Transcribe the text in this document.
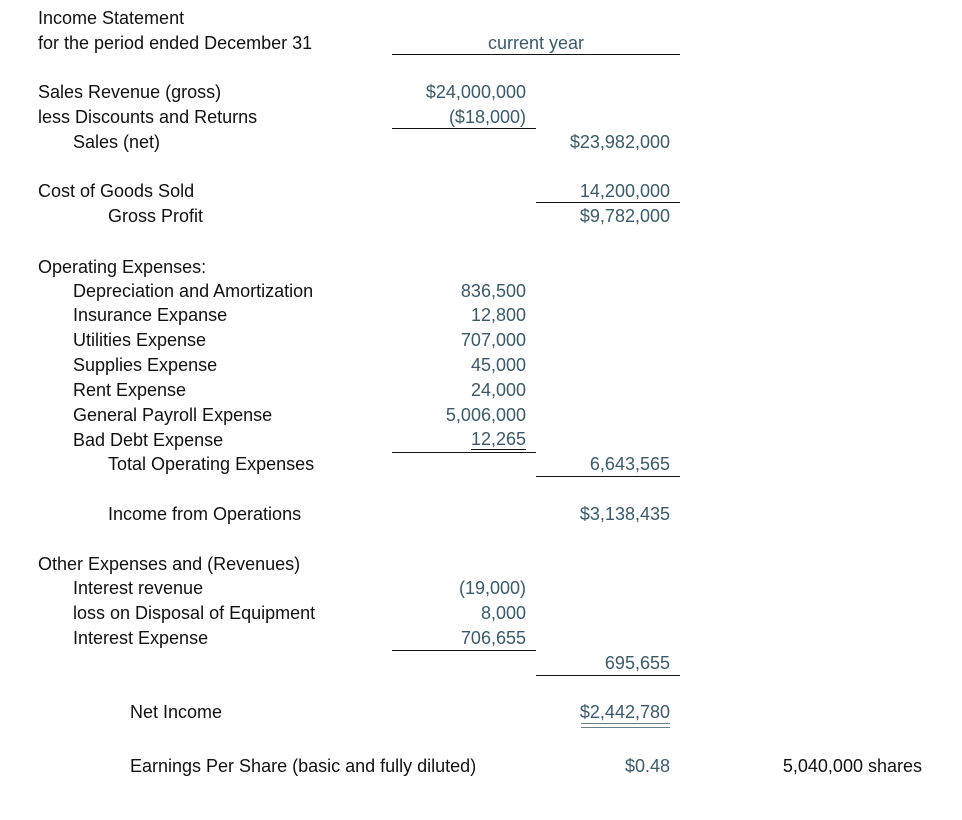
Income Statement
for the period ended December 31	current year
Sales Revenue (gross)	$24,000,000
less Discounts and Returns	($18,000)
Sales (net)	$23,982,000
Cost of Goods Sold	14,200,000
Gross Profit	$9,782,000
Operating Expenses:
Depreciation and Amortization	836,500
Insurance Expanse	12,800
Utilities Expense	707,000
Supplies Expense	45,000
Rent Expense	24,000
General Payroll Expense	5,006,000
Bad Debt Expense	12,265
Total Operating Expenses	6,643,565
Income from Operations	$3,138,435
Other Expenses and (Revenues)
Interest revenue	(19,000)
loss on Disposal of Equipment	8,000
Interest Expense	706,655
695,655
Net Income	$2,442,780
Earnings Per Share (basic and fully diluted)	$0.48	5,040,000 shares
